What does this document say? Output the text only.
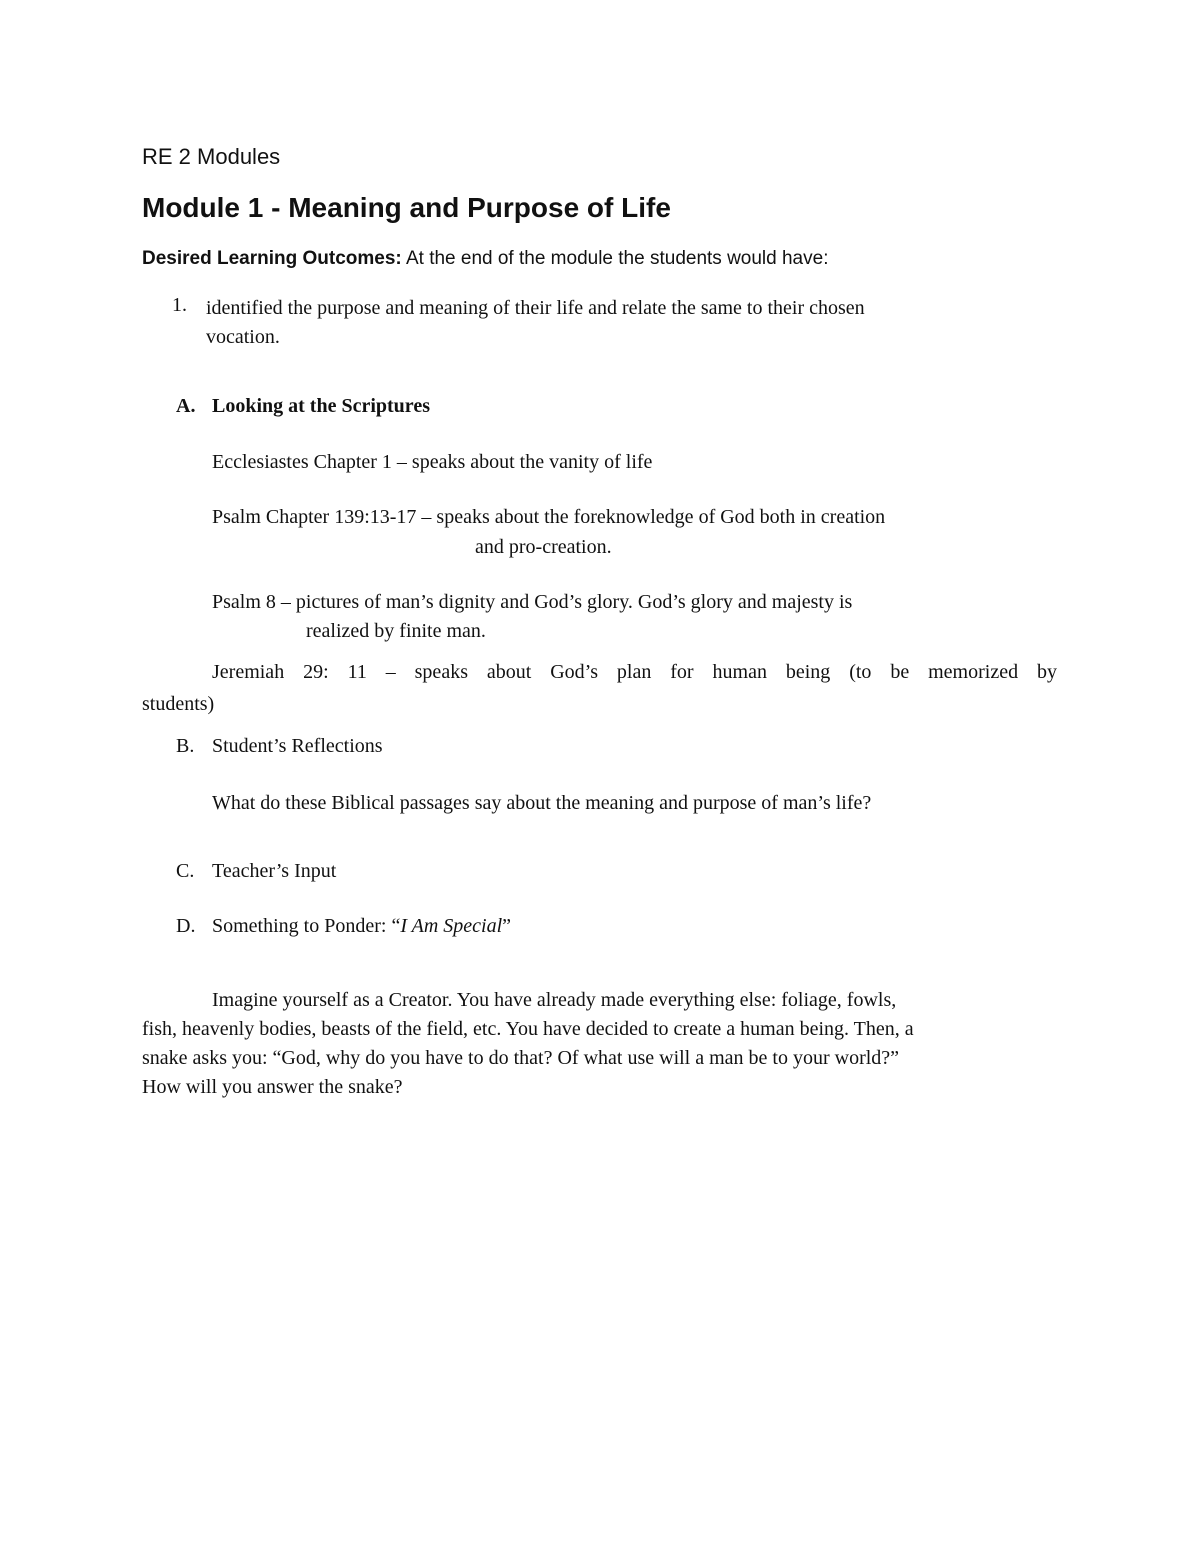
RE 2 Modules
Module 1 - Meaning and Purpose of Life
Desired Learning Outcomes: At the end of the module the students would have:
1. identified the purpose and meaning of their life and relate the same to their chosen
vocation.
A. Looking at the Scriptures
Ecclesiastes Chapter 1 – speaks about the vanity of life
Psalm Chapter 139:13-17 – speaks about the foreknowledge of God both in creation
and pro-creation.
Psalm 8 – pictures of man’s dignity and God’s glory. God’s glory and majesty is
realized by finite man.
Jeremiah 29: 11 – speaks about God’s plan for human being (to be memorized by
students)
B. Student’s Reflections
What do these Biblical passages say about the meaning and purpose of man’s life?
C. Teacher’s Input
D. Something to Ponder: “I Am Special”
Imagine yourself as a Creator. You have already made everything else: foliage, fowls,
fish, heavenly bodies, beasts of the field, etc. You have decided to create a human being. Then, a
snake asks you: “God, why do you have to do that? Of what use will a man be to your world?”
How will you answer the snake?
